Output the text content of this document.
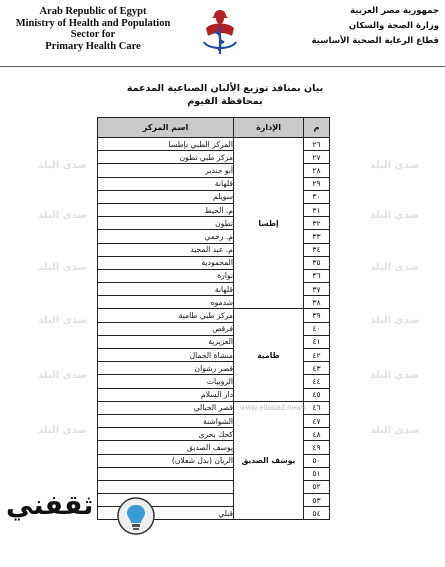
Arab Republic of Egypt
Ministry of Health and Population
Sector for
Primary Health Care
جمهورية مصر العربية
وزارة الصحة والسكان
قطاع الرعاية الصحية الأساسية
بيان بمنافذ توزيع الألبان الصناعية المدعمة
بمحافظة الفيوم
صدى البلد
صدى البلد
صدى البلد
صدى البلد
صدى البلد
صدى البلد
صدى البلد
صدى البلد
صدى البلد
صدى البلد
صدى البلد
صدى البلد
م	الإدارة	اسم المركز
٢٦	إطسا	المركز الطبي بإطسا
٢٧		مركز طبي تطون
٢٨		أبو جندير
٢٩		قلهانة
٣٠		سويلم
٣١		م. الحيط
٣٢		تطون
٣٣		م. رحمي
٣٤		م. عبد المجيد
٣٥		المحمودية
٣٦		نوارة
٣٧		قلهانة
٣٨		شدموه
٣٩	طامية	مركز طبي طامية
٤٠		فرقص
٤١		العزيزية
٤٢		منشاة الجمال
٤٣		قصر رشوان
٤٤		الروبيات
٤٥		دار السلام
٤٦	يوسف الصديق	قصر الجبالي
٤٧		الشواشنة
٤٨		كحك بحرى
٤٩		يوسف الصديق
٥٠		الريان (بدل شعلان)
٥١		
٥٢		
٥٣		
٥٤		قبلي
www.elbalad.news
ثقفني
